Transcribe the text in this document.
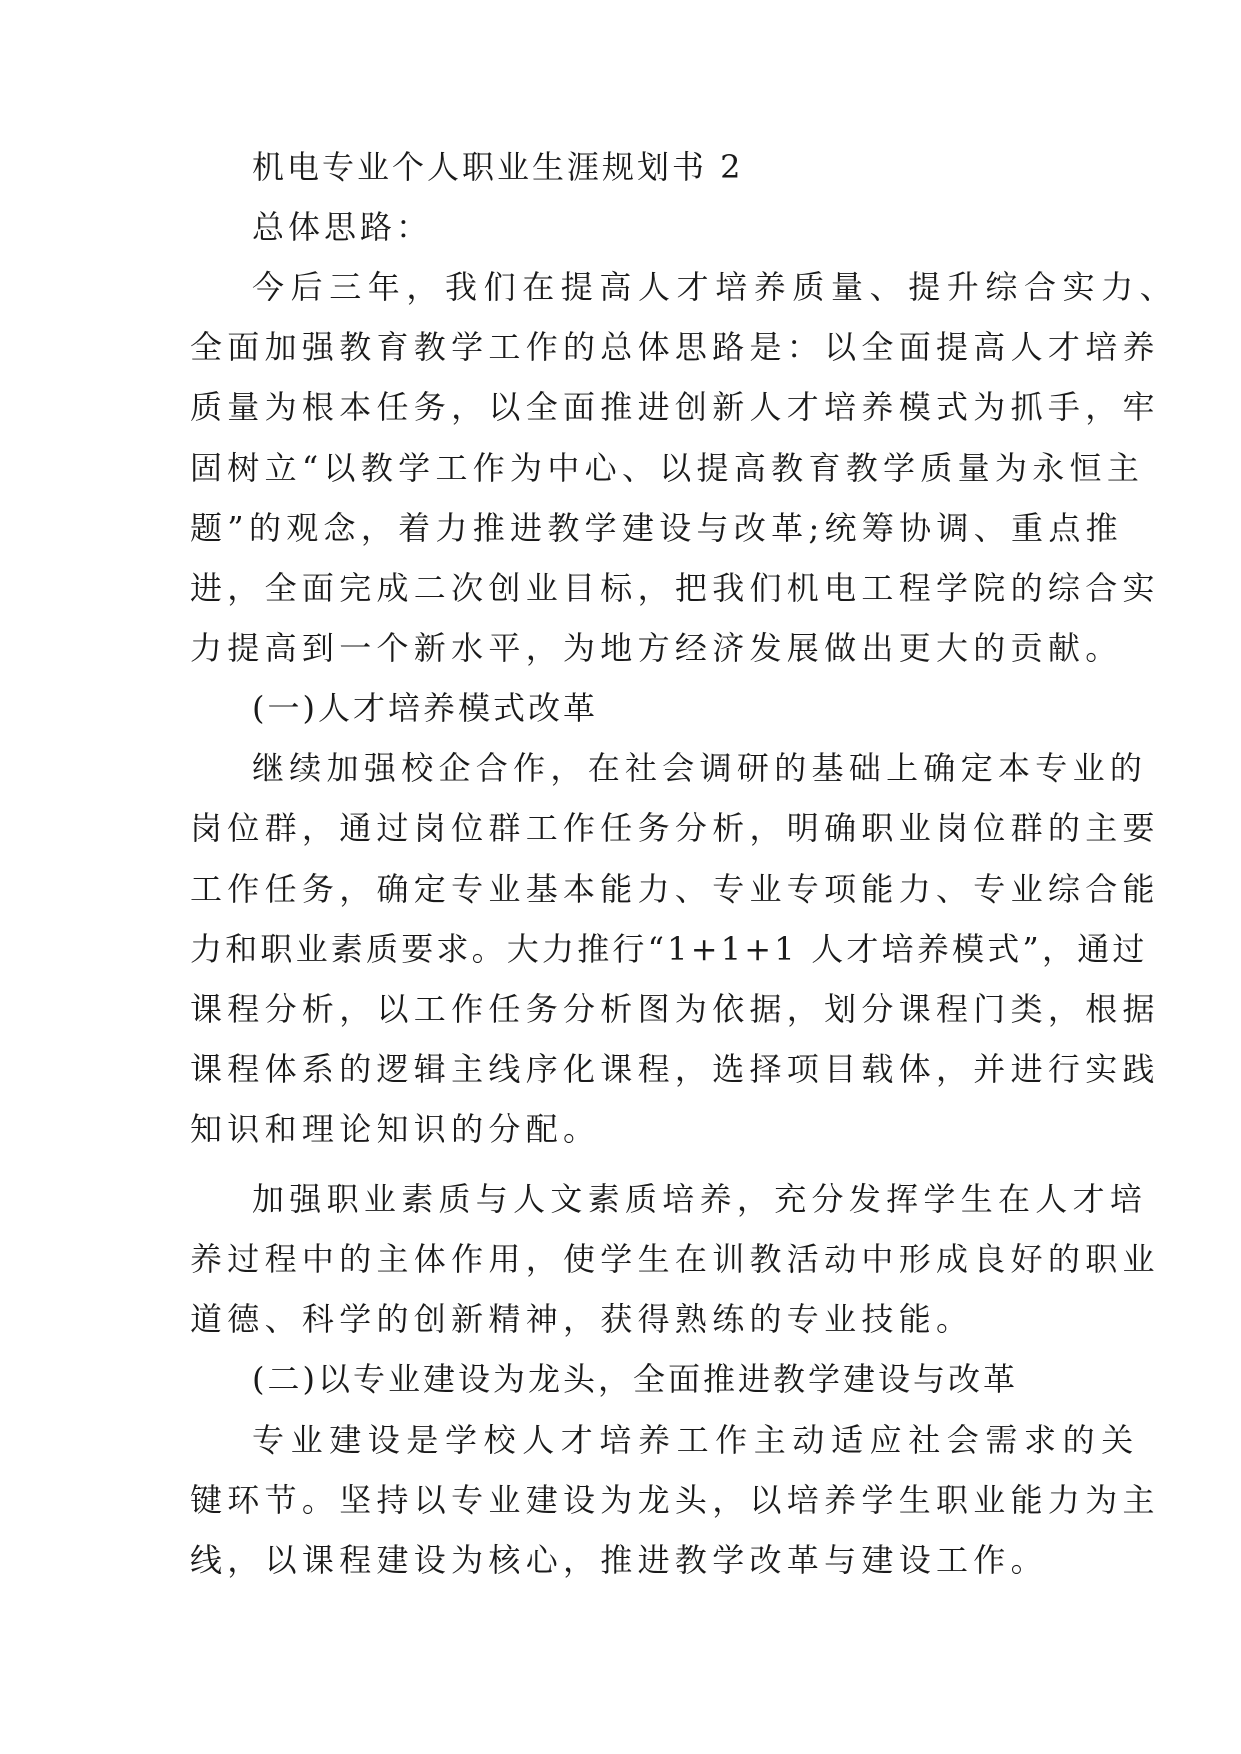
机电专业个人职业生涯规划书 2
总体思路：
今后三年，我们在提高人才培养质量、提升综合实力、
全面加强教育教学工作的总体思路是：以全面提高人才培养
质量为根本任务，以全面推进创新人才培养模式为抓手，牢
固树立“以教学工作为中心、以提高教育教学质量为永恒主
题”的观念，着力推进教学建设与改革;统筹协调、重点推
进，全面完成二次创业目标，把我们机电工程学院的综合实
力提高到一个新水平，为地方经济发展做出更大的贡献。
(一)人才培养模式改革
继续加强校企合作，在社会调研的基础上确定本专业的
岗位群，通过岗位群工作任务分析，明确职业岗位群的主要
工作任务，确定专业基本能力、专业专项能力、专业综合能
力和职业素质要求。大力推行“1+1+1 人才培养模式”，通过
课程分析，以工作任务分析图为依据，划分课程门类，根据
课程体系的逻辑主线序化课程，选择项目载体，并进行实践
知识和理论知识的分配。
加强职业素质与人文素质培养，充分发挥学生在人才培
养过程中的主体作用，使学生在训教活动中形成良好的职业
道德、科学的创新精神，获得熟练的专业技能。
(二)以专业建设为龙头，全面推进教学建设与改革
专业建设是学校人才培养工作主动适应社会需求的关
键环节。坚持以专业建设为龙头，以培养学生职业能力为主
线，以课程建设为核心，推进教学改革与建设工作。
